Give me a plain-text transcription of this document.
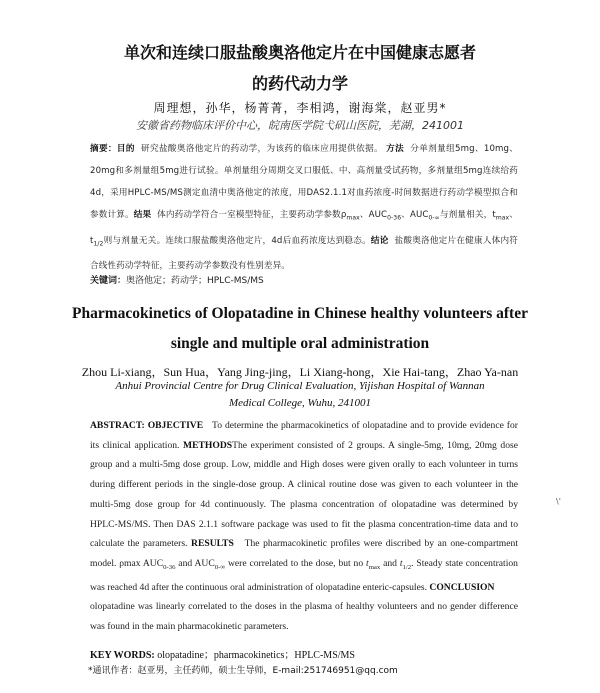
单次和连续口服盐酸奥洛他定片在中国健康志愿者
的药代动力学
周理想，孙华，杨菁菁，李相鸿，谢海棠，赵亚男*
安徽省药物临床评价中心，皖南医学院弋矶山医院，芜湖，241001
摘要：目的 研究盐酸奥洛他定片的药动学，为该药的临床应用提供依据。 方法 分单剂量组5mg、10mg、20mg和多剂量组5mg进行试验。单剂量组分周期交叉口服低、中、高剂量受试药物，多剂量组5mg连续给药4d，采用HPLC-MS/MS测定血清中奥洛他定的浓度，用DAS2.1.1对血药浓度-时间数据进行药动学模型拟合和参数计算。结果 体内药动学符合一室模型特征，主要药动学参数$\rho_{max}$、$AUC_{0-36}$、$AUC_{0-\infty}$与剂量相关，$t_{max}$、$t_{1/2}$则与剂量无关。连续口服盐酸奥洛他定片，4d后血药浓度达到稳态。结论 盐酸奥洛他定片在健康人体内符合线性药动学特征，主要药动学参数没有性别差异。
关键词：奥洛他定；药动学；HPLC-MS/MS
Pharmacokinetics of Olopatadine in Chinese healthy volunteers after
single and multiple oral administration
Zhou Li-xiang，Sun Hua，Yang Jing-jing，Li Xiang-hong，Xie Hai-tang，Zhao Ya-nan
Anhui Provincial Centre for Drug Clinical Evaluation, Yijishan Hospital of Wannan
Medical College, Wuhu, 241001
ABSTRACT: OBJECTIVE To determine the pharmacokinetics of olopatadine and to provide evidence for its clinical application. METHODSThe experiment consisted of 2 groups. A single-5mg, 10mg, 20mg dose group and a multi-5mg dose group. Low, middle and High doses were given orally to each volunteer in turns during different periods in the single-dose group. A clinical routine dose was given to each volunteer in the multi-5mg dose group for 4d continuously. The plasma concentration of olopatadine was determined by HPLC-MS/MS. Then DAS 2.1.1 software package was used to fit the plasma concentration-time data and to calculate the parameters. RESULTS The pharmacokinetic profiles were discribed by an one-compartment model. ρmax $AUC_{0-36}$ and $AUC_{0-\infty}$ were correlated to the dose, but no $t_{max}$ and $t_{1/2}$. Steady state concentration was reached 4d after the continuous oral administration of olopatadine enteric-capsules. CONCLUSION
olopatadine was linearly correlated to the doses in the plasma of healthy volunteers and no gender difference was found in the main pharmacokinetic parameters.
KEY WORDS: olopatadine；pharmacokinetics；HPLC-MS/MS
*通讯作者：赵亚男，主任药师，硕士生导师，E-mail:251746951@qq.com
\'
